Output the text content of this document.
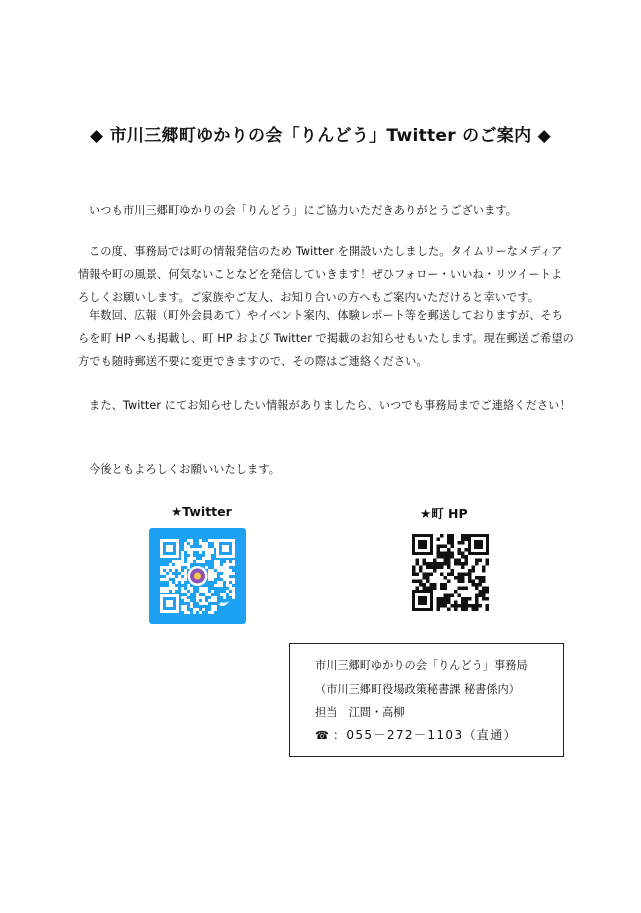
◆ 市川三郷町ゆかりの会「りんどう」Twitter のご案内 ◆
いつも市川三郷町ゆかりの会「りんどう」にご協力いただきありがとうございます。
この度、事務局では町の情報発信のため Twitter を開設いたしました。タイムリーなメディア
情報や町の風景、何気ないことなどを発信していきます！ぜひフォロー・いいね・リツイートよ
ろしくお願いします。ご家族やご友人、お知り合いの方へもご案内いただけると幸いです。
年数回、広報（町外会員あて）やイベント案内、体験レポート等を郵送しておりますが、そち
らを町 HP へも掲載し、町 HP および Twitter で掲載のお知らせもいたします。現在郵送ご希望の
方でも随時郵送不要に変更できますので、その際はご連絡ください。
また、Twitter にてお知らせしたい情報がありましたら、いつでも事務局までご連絡ください！
今後ともよろしくお願いいたします。
★Twitter	★町 HP
市川三郷町ゆかりの会「りんどう」事務局
（市川三郷町役場政策秘書課 秘書係内）
担当　江間・高柳
☎ ：055－272－1103（直通）
